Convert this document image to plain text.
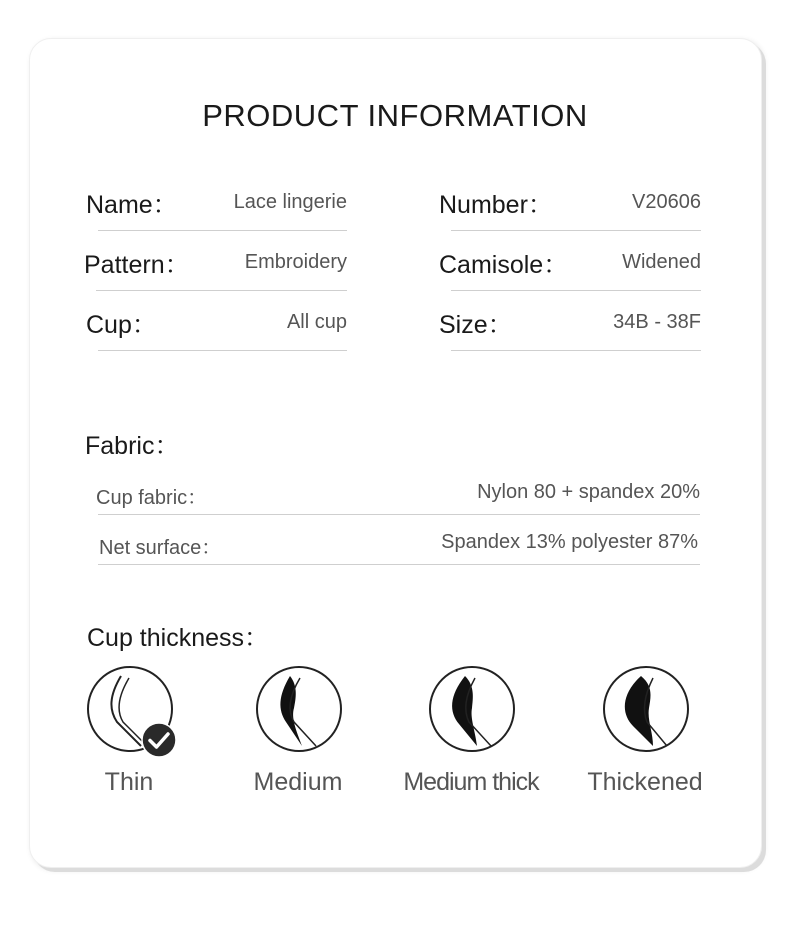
PRODUCT INFORMATION
Name：	Lace lingerie	Number：	V20606
Pattern：	Embroidery	Camisole：	Widened
Cup：	All cup	Size：	34B - 38F
Fabric：
Cup fabric：	Nylon 80 + spandex 20%
Net surface：	Spandex 13% polyester 87%
Cup thickness：
Thin	Medium	Medium thick	Thickened
